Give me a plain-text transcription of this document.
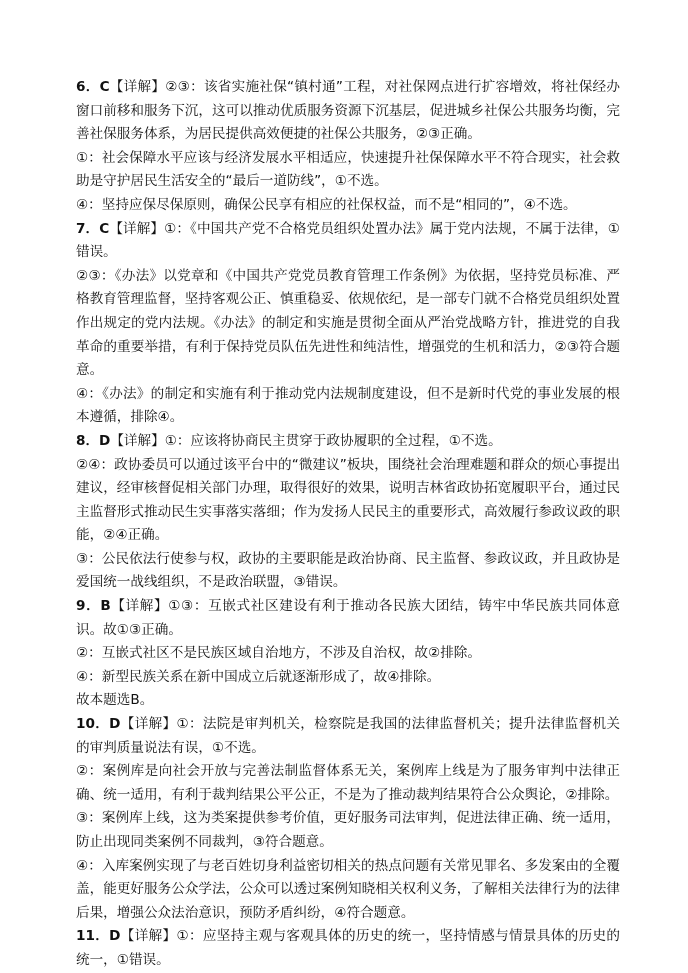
6．C【详解】②③：该省实施社保“镇村通”工程，对社保网点进行扩容增效，将社保经办窗口前移和服务下沉，这可以推动优质服务资源下沉基层，促进城乡社保公共服务均衡，完善社保服务体系，为居民提供高效便捷的社保公共服务，②③正确。

①：社会保障水平应该与经济发展水平相适应，快速提升社保保障水平不符合现实，社会救助是守护居民生活安全的“最后一道防线”，①不选。

④：坚持应保尽保原则，确保公民享有相应的社保权益，而不是“相同的”，④不选。

7．C【详解】①：《中国共产党不合格党员组织处置办法》属于党内法规，不属于法律，①错误。

②③：《办法》以党章和《中国共产党党员教育管理工作条例》为依据，坚持党员标准、严格教育管理监督，坚持客观公正、慎重稳妥、依规依纪，是一部专门就不合格党员组织处置作出规定的党内法规。《办法》的制定和实施是贯彻全面从严治党战略方针，推进党的自我革命的重要举措，有利于保持党员队伍先进性和纯洁性，增强党的生机和活力，②③符合题意。

④：《办法》的制定和实施有利于推动党内法规制度建设，但不是新时代党的事业发展的根本遵循，排除④。

8．D【详解】①：应该将协商民主贯穿于政协履职的全过程，①不选。

②④：政协委员可以通过该平台中的“微建议”板块，围绕社会治理难题和群众的烦心事提出建议，经审核督促相关部门办理，取得很好的效果，说明吉林省政协拓宽履职平台，通过民主监督形式推动民生实事落实落细；作为发扬人民民主的重要形式，高效履行参政议政的职能，②④正确。

③：公民依法行使参与权，政协的主要职能是政治协商、民主监督、参政议政，并且政协是爱国统一战线组织，不是政治联盟，③错误。

9．B【详解】①③：互嵌式社区建设有利于推动各民族大团结，铸牢中华民族共同体意识。故①③正确。

②：互嵌式社区不是民族区域自治地方，不涉及自治权，故②排除。

④：新型民族关系在新中国成立后就逐渐形成了，故④排除。

故本题选B。

10．D【详解】①：法院是审判机关，检察院是我国的法律监督机关；提升法律监督机关的审判质量说法有误，①不选。

②：案例库是向社会开放与完善法制监督体系无关，案例库上线是为了服务审判中法律正确、统一适用，有利于裁判结果公平公正，不是为了推动裁判结果符合公众舆论，②排除。

③：案例库上线，这为类案提供参考价值，更好服务司法审判，促进法律正确、统一适用，防止出现同类案例不同裁判，③符合题意。

④：入库案例实现了与老百姓切身利益密切相关的热点问题有关常见罪名、多发案由的全覆盖，能更好服务公众学法，公众可以透过案例知晓相关权利义务，了解相关法律行为的法律后果，增强公众法治意识，预防矛盾纠纷，④符合题意。

11．D【详解】①：应坚持主观与客观具体的历史的统一，坚持情感与情景具体的历史的统一，①错误。
